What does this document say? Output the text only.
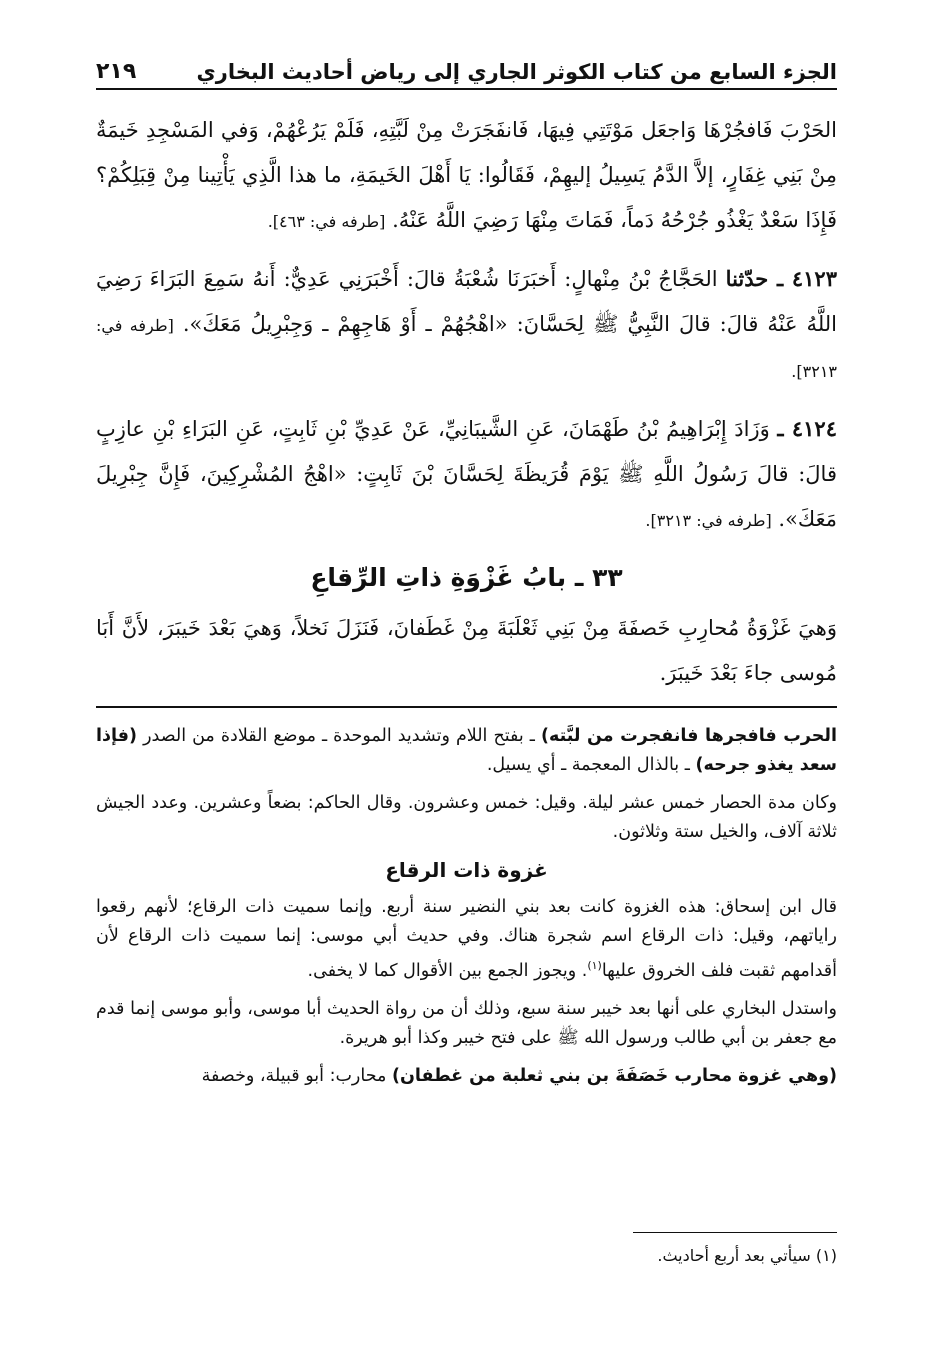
الجزء السابع من كتاب الكوثر الجاري إلى رياض أحاديث البخاري
٢١٩

الحَرْبَ فَافجُرْهَا وَاجعَل مَوْتَتِي فِيهَا، فَانفَجَرَتْ مِنْ لَبَّتِهِ، فَلَمْ يَرُعْهُمْ، وَفي المَسْجِدِ خَيمَةٌ مِنْ بَنِي غِفَارٍ، إلاَّ الدَّمُ يَسِيلُ إليهِمْ، فَقَالُوا: يَا أَهْلَ الخَيمَةِ، ما هذا الَّذِي يَأْتِينا مِنْ قِبَلِكُمْ؟ فَإِذَا سَعْدٌ يَغْذُو جُرْحُهُ دَماً، فَمَاتَ مِنْهَا رَضِيَ اللَّهُ عَنْهُ. [طرفه في: ٤٦٣].

٤١٢٣ ـ حدّثنا الحَجَّاجُ بْنُ مِنْهالٍ: أَخبَرَنَا شُعْبَةُ قالَ: أَخْبَرَنِي عَدِيٌّ: أَنهُ سَمِعَ البَرَاءَ رَضِيَ اللَّهُ عَنْهُ قالَ: قالَ النَّبِيُّ ﷺ لِحَسَّانَ: «اهْجُهُمْ ـ أَوْ هَاجِهِمْ ـ وَجِبْرِيلُ مَعَكَ». [طرفه في: ٣٢١٣].

٤١٢٤ ـ وَزَادَ إِبْرَاهِيمُ بْنُ طَهْمَانَ، عَنِ الشَّيبَانِيِّ، عَنْ عَدِيِّ بْنِ ثَابِتٍ، عَنِ البَرَاءِ بْنِ عازِبٍ قالَ: قالَ رَسُولُ اللَّهِ ﷺ يَوْمَ قُرَيظَةَ لِحَسَّانَ بْنَ ثَابِتٍ: «اهْجُ المُشْرِكِينَ، فَإِنَّ جِبْرِيلَ مَعَكَ». [طرفه في: ٣٢١٣].

٣٣ ـ بابُ غَزْوَةِ ذاتِ الرِّقاعِ

وَهيَ غَزْوَةُ مُحارِبِ خَصفَةَ مِنْ بَنِي ثَعْلَبَةَ مِنْ غَطَفانَ، فَنَزَلَ نَخلاً، وَهيَ بَعْدَ خَيبَرَ، لأَنَّ أَبَا مُوسى جاءَ بَعْدَ خَيبَرَ.

الحرب فافجرها فانفجرت من لبَّته) ـ بفتح اللام وتشديد الموحدة ـ موضع القلادة من الصدر (فإذا سعد يغذو جرحه) ـ بالذال المعجمة ـ أي يسيل.

وكان مدة الحصار خمس عشر ليلة. وقيل: خمس وعشرون. وقال الحاكم: بضعاً وعشرين. وعدد الجيش ثلاثة آلاف، والخيل ستة وثلاثون.

غزوة ذات الرقاع

قال ابن إسحاق: هذه الغزوة كانت بعد بني النضير سنة أربع. وإنما سميت ذات الرقاع؛ لأنهم رقعوا راياتهم، وقيل: ذات الرقاع اسم شجرة هناك. وفي حديث أبي موسى: إنما سميت ذات الرقاع لأن أقدامهم ثقبت فلف الخروق عليها$^{(١)}$. ويجوز الجمع بين الأقوال كما لا يخفى.

واستدل البخاري على أنها بعد خيبر سنة سبع، وذلك أن من رواة الحديث أبا موسى، وأبو موسى إنما قدم مع جعفر بن أبي طالب ورسول الله ﷺ على فتح خيبر وكذا أبو هريرة.

(وهي غزوة محارب خَصَفَةَ بن بني ثعلبة من غطفان) محارب: أبو قبيلة، وخصفة

(١) سيأتي بعد أربع أحاديث.
